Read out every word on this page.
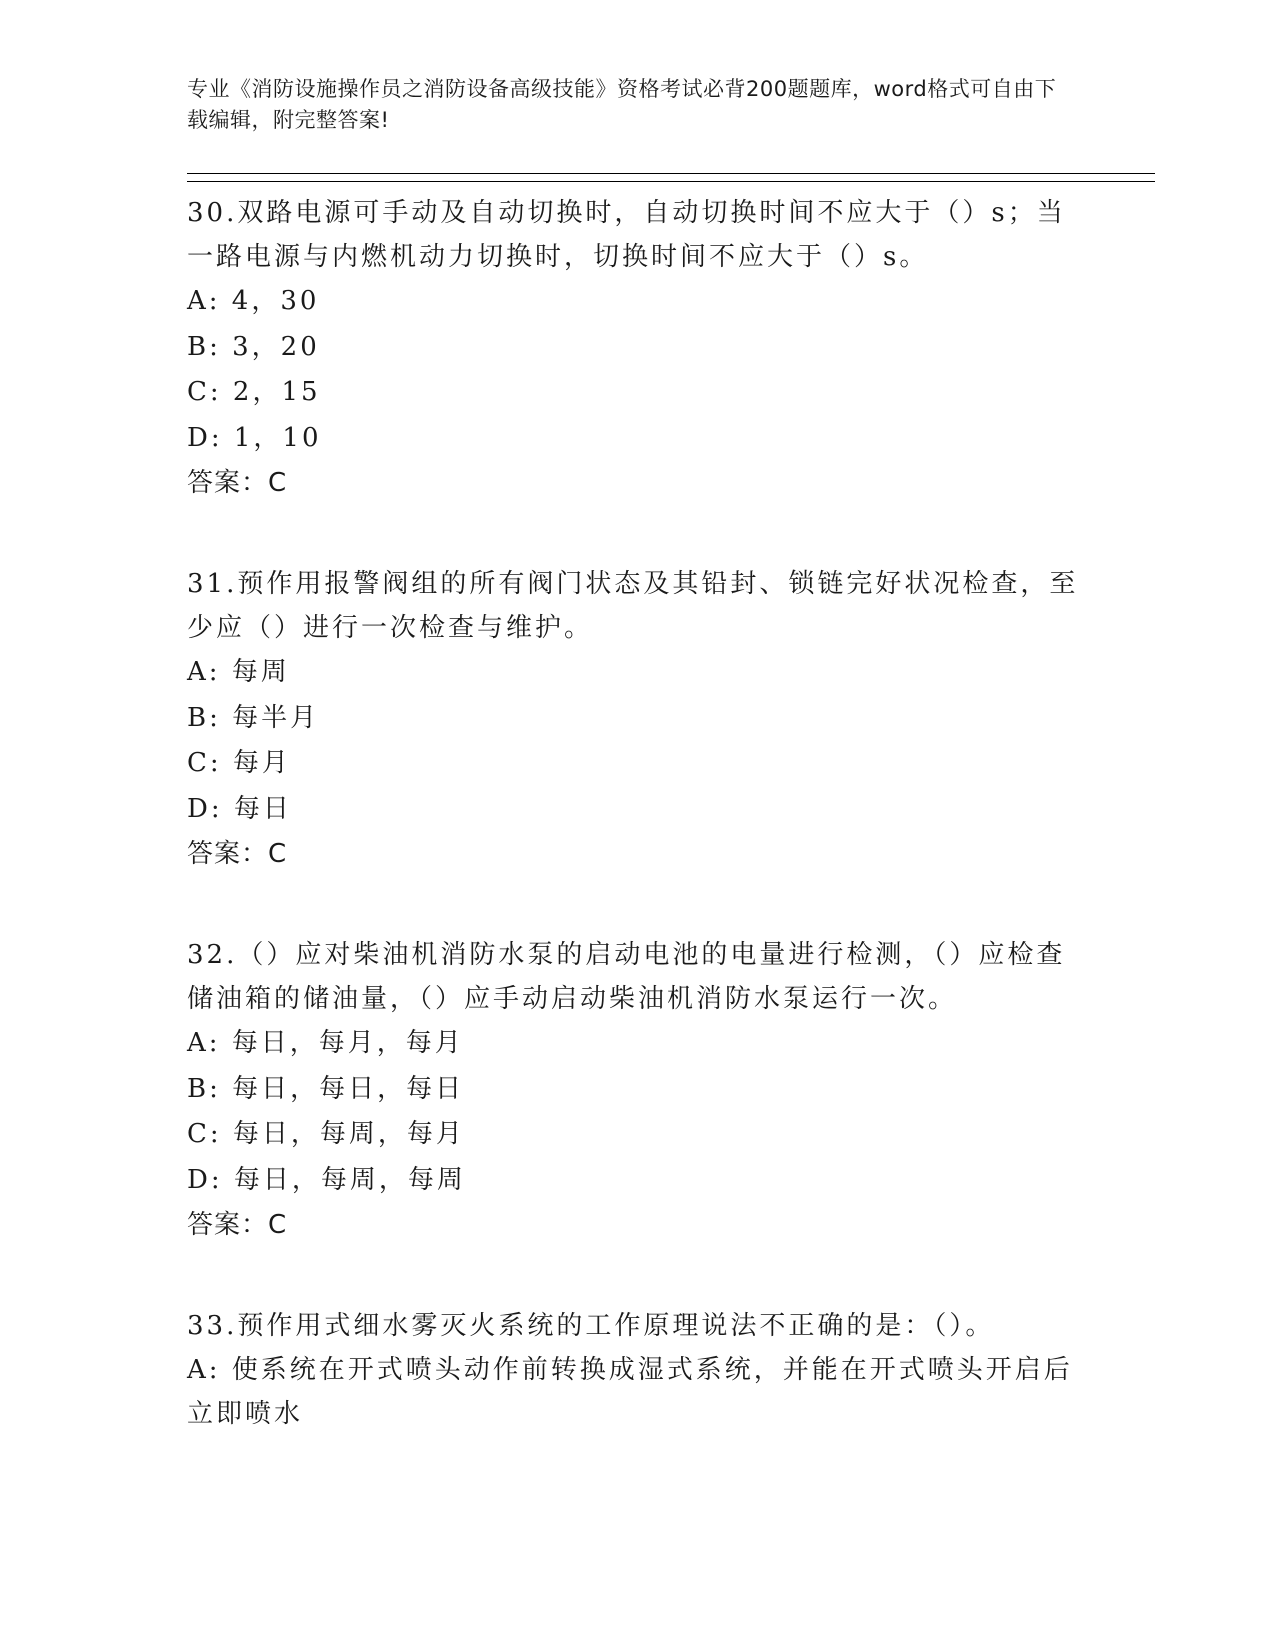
专业《消防设施操作员之消防设备高级技能》资格考试必背200题题库，word格式可自由下载编辑，附完整答案!

30.双路电源可手动及自动切换时，自动切换时间不应大于（）s；当一路电源与内燃机动力切换时，切换时间不应大于（）s。

A: 4，30

B: 3，20

C: 2，15

D: 1，10

答案：C

31.预作用报警阀组的所有阀门状态及其铅封、锁链完好状况检查，至少应（）进行一次检查与维护。

A: 每周

B: 每半月

C: 每月

D: 每日

答案：C

32.（）应对柴油机消防水泵的启动电池的电量进行检测，（）应检查储油箱的储油量，（）应手动启动柴油机消防水泵运行一次。

A: 每日，每月，每月

B: 每日，每日，每日

C: 每日，每周，每月

D: 每日，每周，每周

答案：C

33.预作用式细水雾灭火系统的工作原理说法不正确的是：（）。

A: 使系统在开式喷头动作前转换成湿式系统，并能在开式喷头开启后立即喷水
